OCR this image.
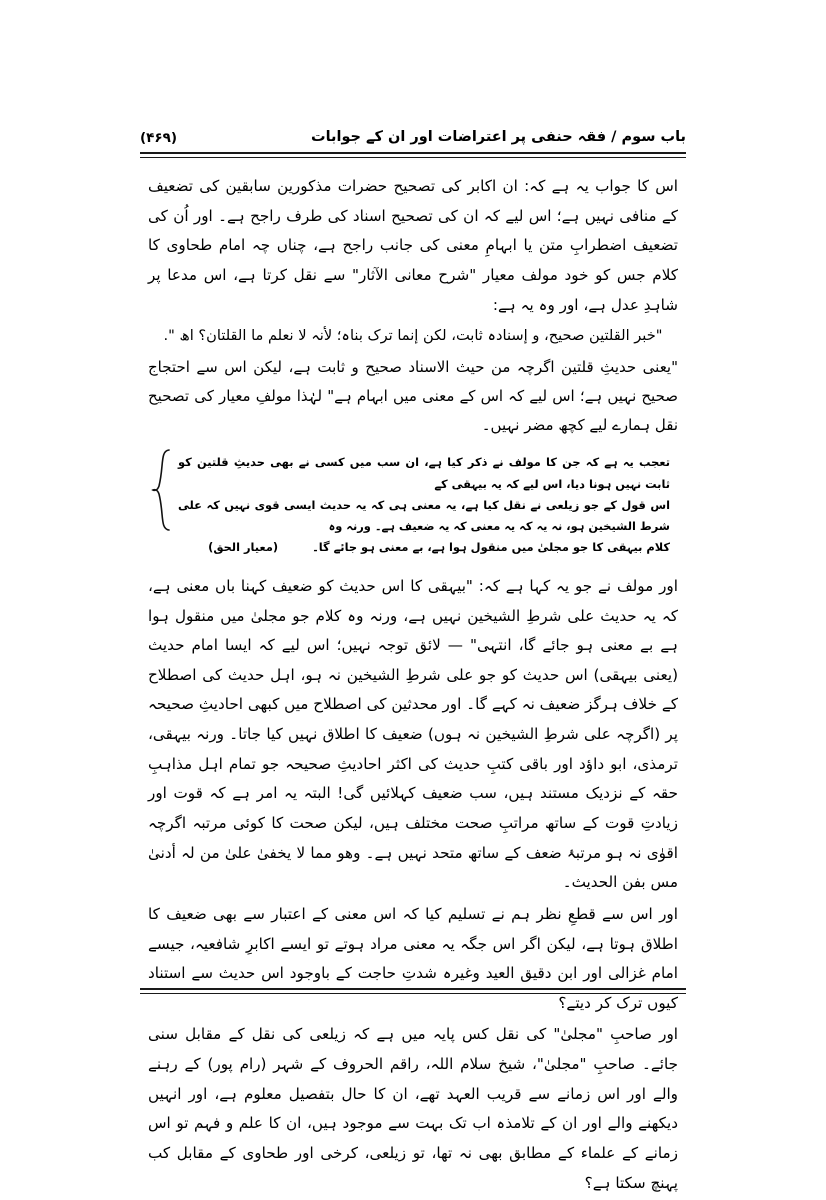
باب سوم / فقہ حنفی پر اعتراضات اور ان کے جوابات
(۴۶۹)

اس کا جواب یہ ہے کہ: ان اکابر کی تصحیح حضرات مذکورین سابقین کی تضعیف کے منافی نہیں ہے؛ اس لیے کہ ان کی تصحیح اسناد کی طرف راجح ہے۔ اور اُن کی تضعیف اضطرابِ متن یا ابہامِ معنی کی جانب راجح ہے، چناں چہ امام طحاوی کا کلام جس کو خود مولف معیار "شرح معانی الآثار" سے نقل کرتا ہے، اس مدعا پر شاہدِ عدل ہے، اور وہ یہ ہے:

"خبر القلتین صحیح، و إسنادہ ثابت، لکن إنما ترک بناہ؛ لأنہ لا نعلم ما القلتان؟ اھ ".

"یعنی حدیثِ قلتین اگرچہ من حیث الاسناد صحیح و ثابت ہے، لیکن اس سے احتجاج صحیح نہیں ہے؛ اس لیے کہ اس کے معنی میں ابہام ہے" لہٰذا مولفِ معیار کی تصحیح نقل ہمارے لیے کچھ مضر نہیں۔

تعجب یہ ہے کہ جن کا مولف نے ذکر کیا ہے، ان سب میں کسی نے بھی حدیثِ قلتین کو ثابت نہیں ہونا دیا، اس لیے کہ یہ بیہقی کے
اس قول کے جو زیلعی نے نقل کیا ہے، یہ معنی ہی کہ یہ حدیث ایسی قوی نہیں کہ علی شرط الشیخین ہو، نہ یہ کہ یہ معنی کہ یہ ضعیف ہے۔ ورنہ وہ
کلام بیہقی کا جو مجلیٰ میں منقول ہوا ہے، بے معنی ہو جائے گا۔ (معیار الحق)

اور مولف نے جو یہ کہا ہے کہ: "بیہقی کا اس حدیث کو ضعیف کہنا باں معنی ہے، کہ یہ حدیث علی شرطِ الشیخین نہیں ہے، ورنہ وہ کلام جو مجلیٰ میں منقول ہوا ہے بے معنی ہو جائے گا، انتہی" — لائق توجہ نہیں؛ اس لیے کہ ایسا امام حدیث (یعنی بیہقی) اس حدیث کو جو علی شرطِ الشیخین نہ ہو، اہل حدیث کی اصطلاح کے خلاف ہرگز ضعیف نہ کہے گا۔ اور محدثین کی اصطلاح میں کبھی احادیثِ صحیحہ پر (اگرچہ علی شرطِ الشیخین نہ ہوں) ضعیف کا اطلاق نہیں کیا جاتا۔ ورنہ بیہقی، ترمذی، ابو داؤد اور باقی کتبِ حدیث کی اکثر احادیثِ صحیحہ جو تمام اہل مذاہبِ حقہ کے نزدیک مستند ہیں، سب ضعیف کہلائیں گی! البتہ یہ امر ہے کہ قوت اور زیادتِ قوت کے ساتھ مراتبِ صحت مختلف ہیں، لیکن صحت کا کوئی مرتبہ اگرچہ اقوٰی نہ ہو مرتبۂ ضعف کے ساتھ متحد نہیں ہے۔ وھو مما لا یخفیٰ علیٰ من لہ أدنیٰ مس بفن الحدیث۔

اور اس سے قطعِ نظر ہم نے تسلیم کیا کہ اس معنی کے اعتبار سے بھی ضعیف کا اطلاق ہوتا ہے، لیکن اگر اس جگہ یہ معنی مراد ہوتے تو ایسے اکابرِ شافعیہ، جیسے امام غزالی اور ابن دقیق العید وغیرہ شدتِ حاجت کے باوجود اس حدیث سے استناد کیوں ترک کر دیتے؟

اور صاحبِ "مجلیٰ" کی نقل کس پایہ میں ہے کہ زیلعی کی نقل کے مقابل سنی جائے۔ صاحبِ "مجلیٰ"، شیخ سلام اللہ، راقم الحروف کے شہر (رام پور) کے رہنے والے اور اس زمانے سے قریب العہد تھے، ان کا حال بتفصیل معلوم ہے، اور انہیں دیکھنے والے اور ان کے تلامذہ اب تک بہت سے موجود ہیں، ان کا علم و فہم تو اس زمانے کے علماء کے مطابق بھی نہ تھا، تو زیلعی، کرخی اور طحاوی کے مقابل کب پہنچ سکتا ہے؟
